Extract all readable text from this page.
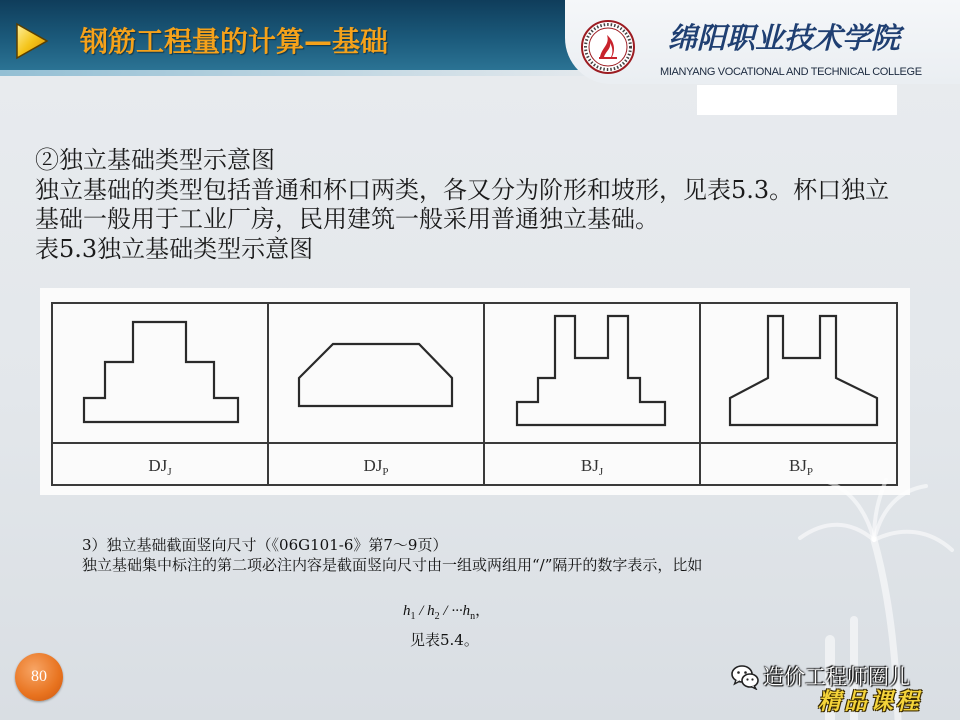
钢筋工程量的计算—基础	绵阳职业技术学院
MIANYANG VOCATIONAL AND TECHNICAL COLLEGE
②独立基础类型示意图
独立基础的类型包括普通和杯口两类，各又分为阶形和坡形，见表5.3。杯口独立
基础一般用于工业厂房，民用建筑一般采用普通独立基础。
表5.3独立基础类型示意图
$DJ_J$	$DJ_P$	$BJ_J$	$BJ_P$
3）独立基础截面竖向尺寸（《06G101-6》第7～9页）
独立基础集中标注的第二项必注内容是截面竖向尺寸由一组或两组用“/”隔开的数字表示，比如
$h_1 / h_2 / \cdot\cdot\cdot h_n$，
见表5.4。
80	造价工程师圈儿
精品课程
